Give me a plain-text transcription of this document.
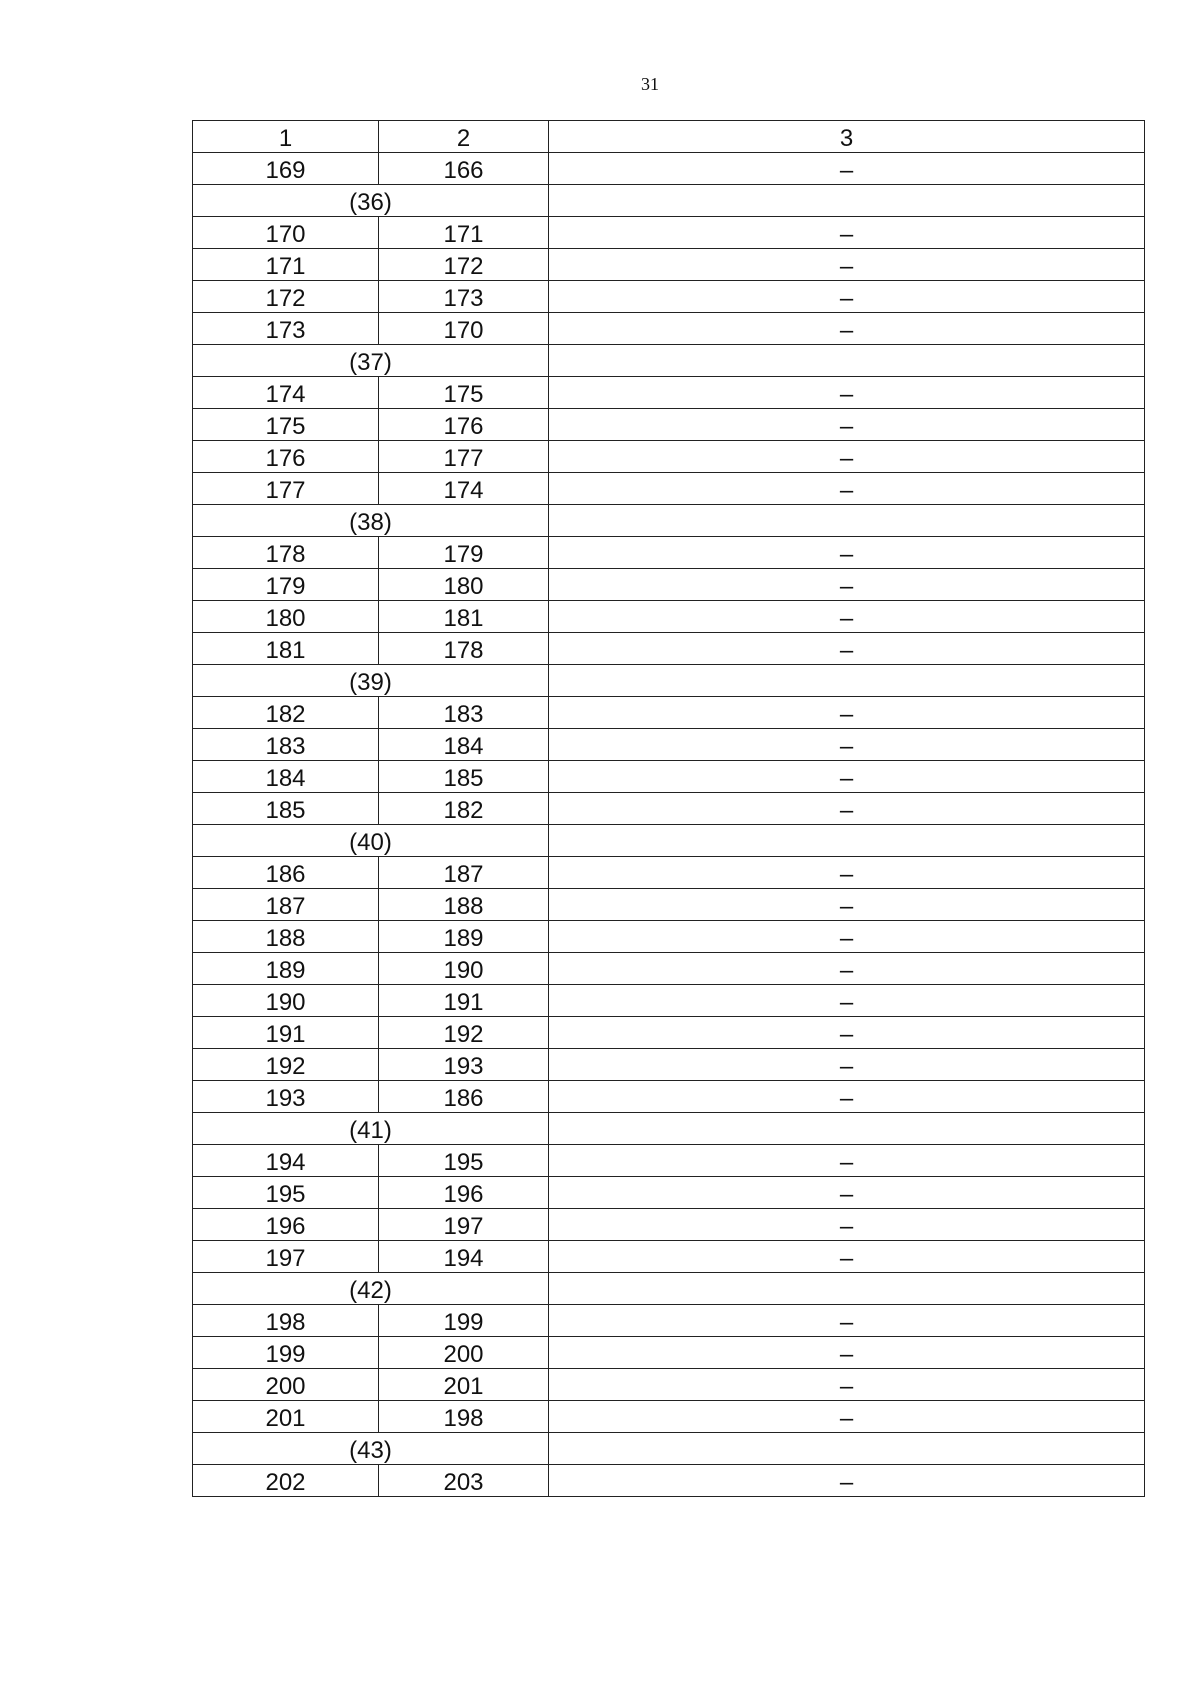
31
1	2	3
169	166	–
(36)		
170	171	–
171	172	–
172	173	–
173	170	–
(37)		
174	175	–
175	176	–
176	177	–
177	174	–
(38)		
178	179	–
179	180	–
180	181	–
181	178	–
(39)		
182	183	–
183	184	–
184	185	–
185	182	–
(40)		
186	187	–
187	188	–
188	189	–
189	190	–
190	191	–
191	192	–
192	193	–
193	186	–
(41)		
194	195	–
195	196	–
196	197	–
197	194	–
(42)		
198	199	–
199	200	–
200	201	–
201	198	–
(43)		
202	203	–
